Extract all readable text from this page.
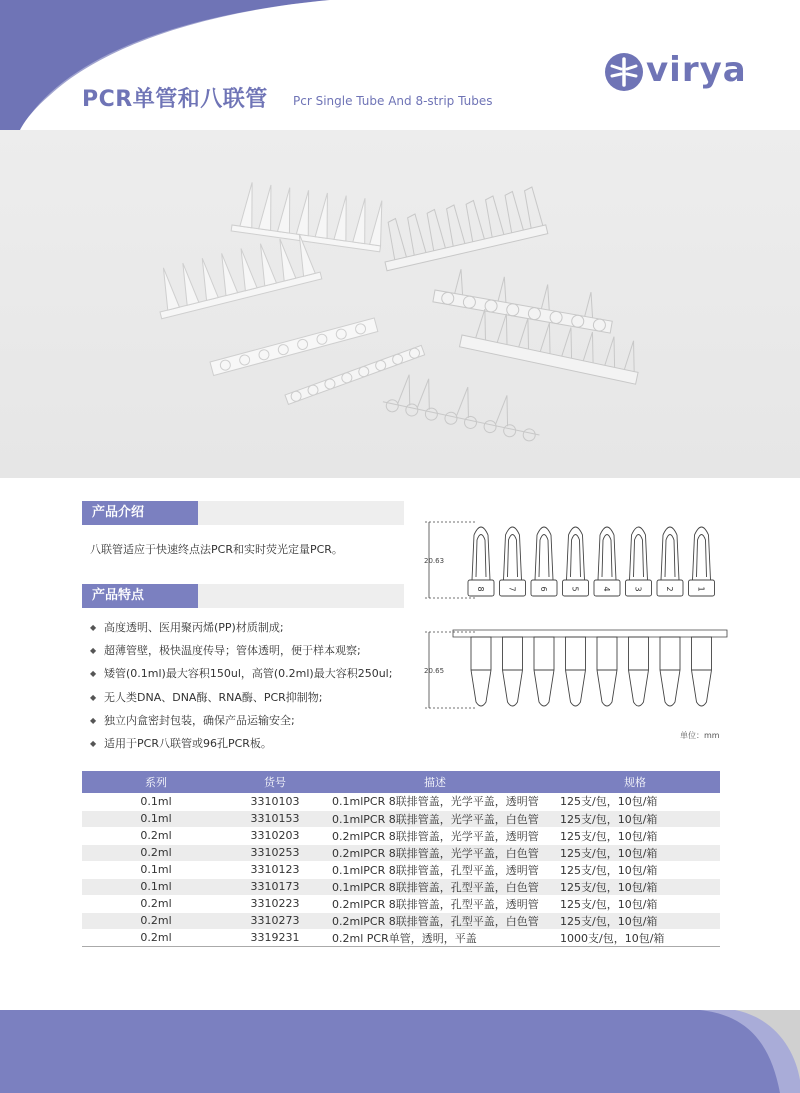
PCR单管和八联管 Pcr Single Tube And 8-strip Tubes
virya
产品介绍
八联管适应于快速终点法PCR和实时荧光定量PCR。
产品特点
◆ 高度透明、医用聚丙烯(PP)材质制成;
◆ 超薄管壁，极快温度传导；管体透明，便于样本观察;
◆ 矮管(0.1ml)最大容积150ul，高管(0.2ml)最大容积250ul;
◆ 无人类DNA、DNA酶、RNA酶、PCR抑制物;
◆ 独立内盒密封包装，确保产品运输安全;
◆ 适用于PCR八联管或96孔PCR板。
20.63
20.65
8	7	6	5	4	3	2	1
单位：mm
系列	货号	描述	规格
0.1ml	3310103	0.1mlPCR 8联排管盖，光学平盖，透明管	125支/包，10包/箱
0.1ml	3310153	0.1mlPCR 8联排管盖，光学平盖，白色管	125支/包，10包/箱
0.2ml	3310203	0.2mlPCR 8联排管盖，光学平盖，透明管	125支/包，10包/箱
0.2ml	3310253	0.2mlPCR 8联排管盖，光学平盖，白色管	125支/包，10包/箱
0.1ml	3310123	0.1mlPCR 8联排管盖，孔型平盖，透明管	125支/包，10包/箱
0.1ml	3310173	0.1mlPCR 8联排管盖，孔型平盖，白色管	125支/包，10包/箱
0.2ml	3310223	0.2mlPCR 8联排管盖，孔型平盖，透明管	125支/包，10包/箱
0.2ml	3310273	0.2mlPCR 8联排管盖，孔型平盖，白色管	125支/包，10包/箱
0.2ml	3319231	0.2ml PCR单管，透明，平盖	1000支/包，10包/箱
